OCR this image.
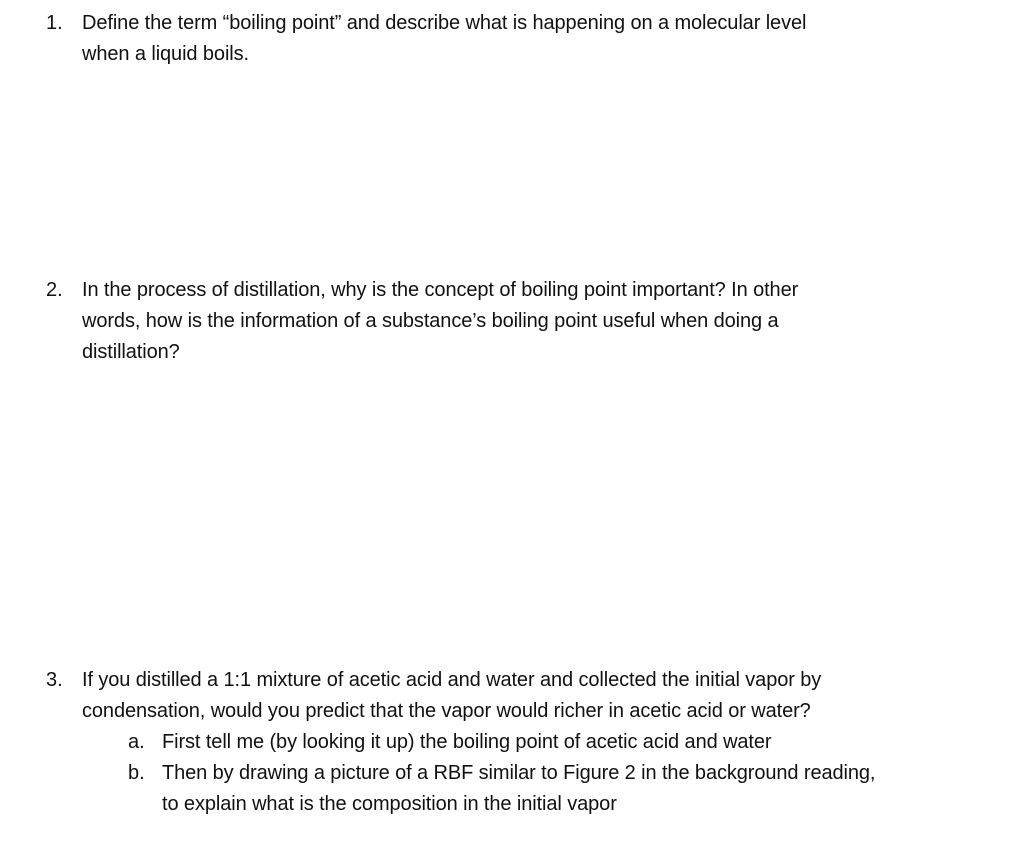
1. Define the term “boiling point” and describe what is happening on a molecular level
when a liquid boils.
2. In the process of distillation, why is the concept of boiling point important? In other
words, how is the information of a substance’s boiling point useful when doing a
distillation?
3. If you distilled a 1:1 mixture of acetic acid and water and collected the initial vapor by
condensation, would you predict that the vapor would richer in acetic acid or water?
a. First tell me (by looking it up) the boiling point of acetic acid and water
b. Then by drawing a picture of a RBF similar to Figure 2 in the background reading,
to explain what is the composition in the initial vapor
